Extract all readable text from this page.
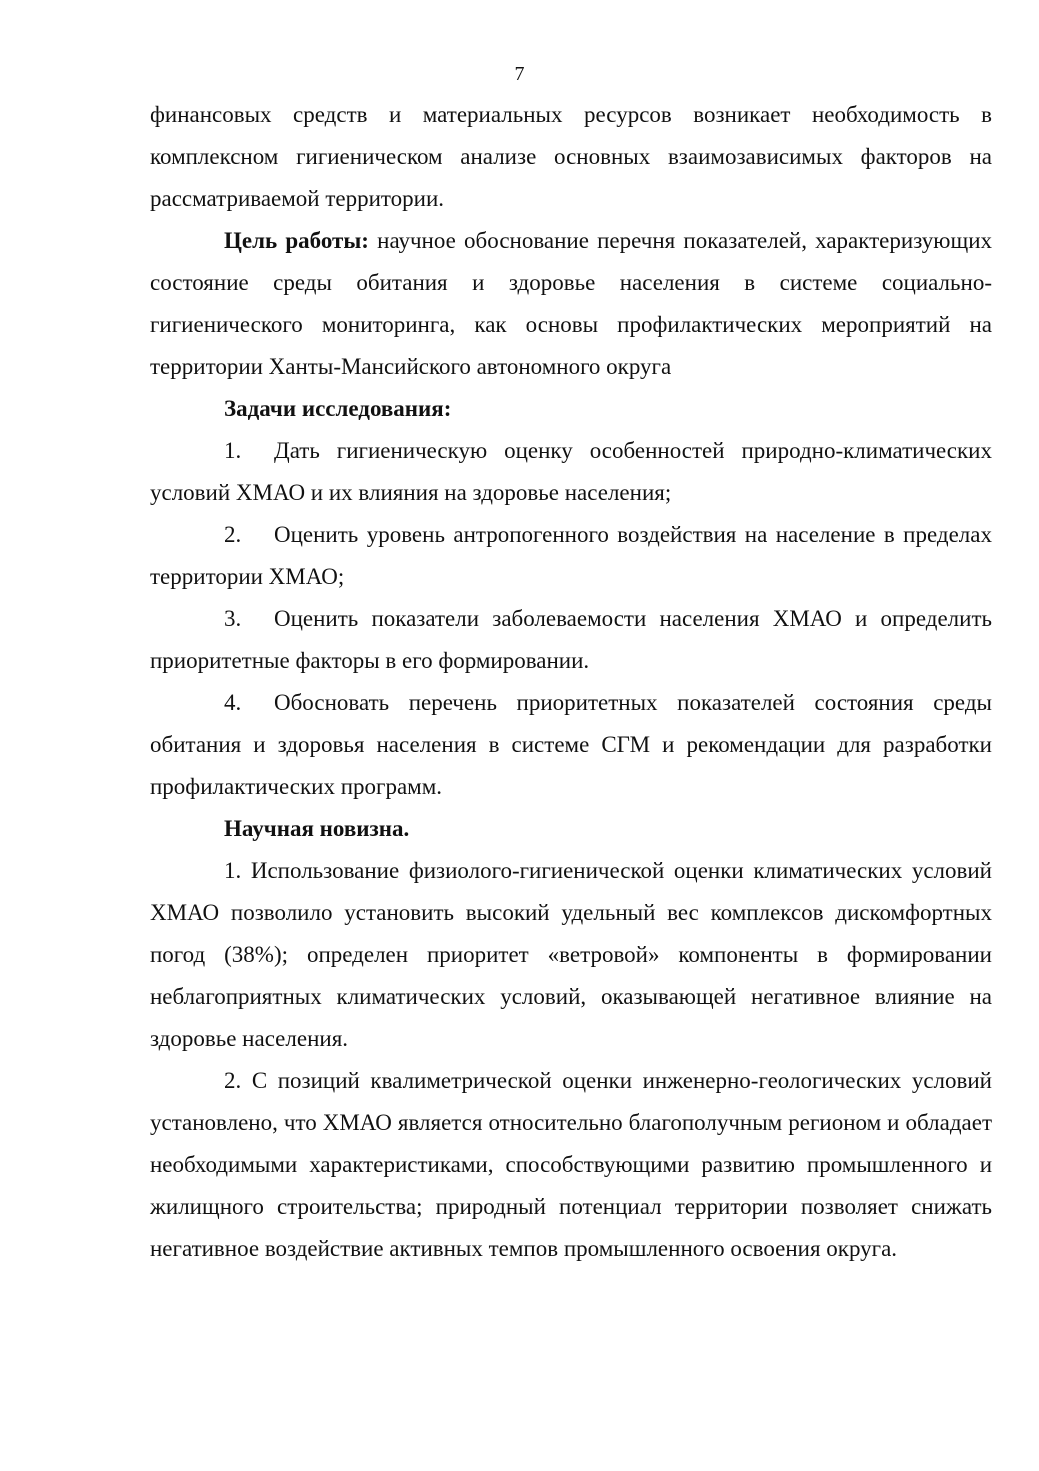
7

финансовых средств и материальных ресурсов возникает необходимость в комплексном гигиеническом анализе основных взаимозависимых факторов на рассматриваемой территории.

Цель работы: научное обоснование перечня показателей, характеризующих состояние среды обитания и здоровье населения в системе социально-гигиенического мониторинга, как основы профилактических мероприятий на территории Ханты-Мансийского автономного округа

Задачи исследования:

1. Дать гигиеническую оценку особенностей природно-климатических условий ХМАО и их влияния на здоровье населения;

2. Оценить уровень антропогенного воздействия на население в пределах территории ХМАО;

3. Оценить показатели заболеваемости населения ХМАО и определить приоритетные факторы в его формировании.

4. Обосновать перечень приоритетных показателей состояния среды обитания и здоровья населения в системе СГМ и рекомендации для разработки профилактических программ.

Научная новизна.

1. Использование физиолого-гигиенической оценки климатических условий ХМАО позволило установить высокий удельный вес комплексов дискомфортных погод (38%); определен приоритет «ветровой» компоненты в формировании неблагоприятных климатических условий, оказывающей негативное влияние на здоровье населения.

2. С позиций квалиметрической оценки инженерно-геологических условий установлено, что ХМАО является относительно благополучным регионом и обладает необходимыми характеристиками, способствующими развитию промышленного и жилищного строительства; природный потенциал территории позволяет снижать негативное воздействие активных темпов промышленного освоения округа.
